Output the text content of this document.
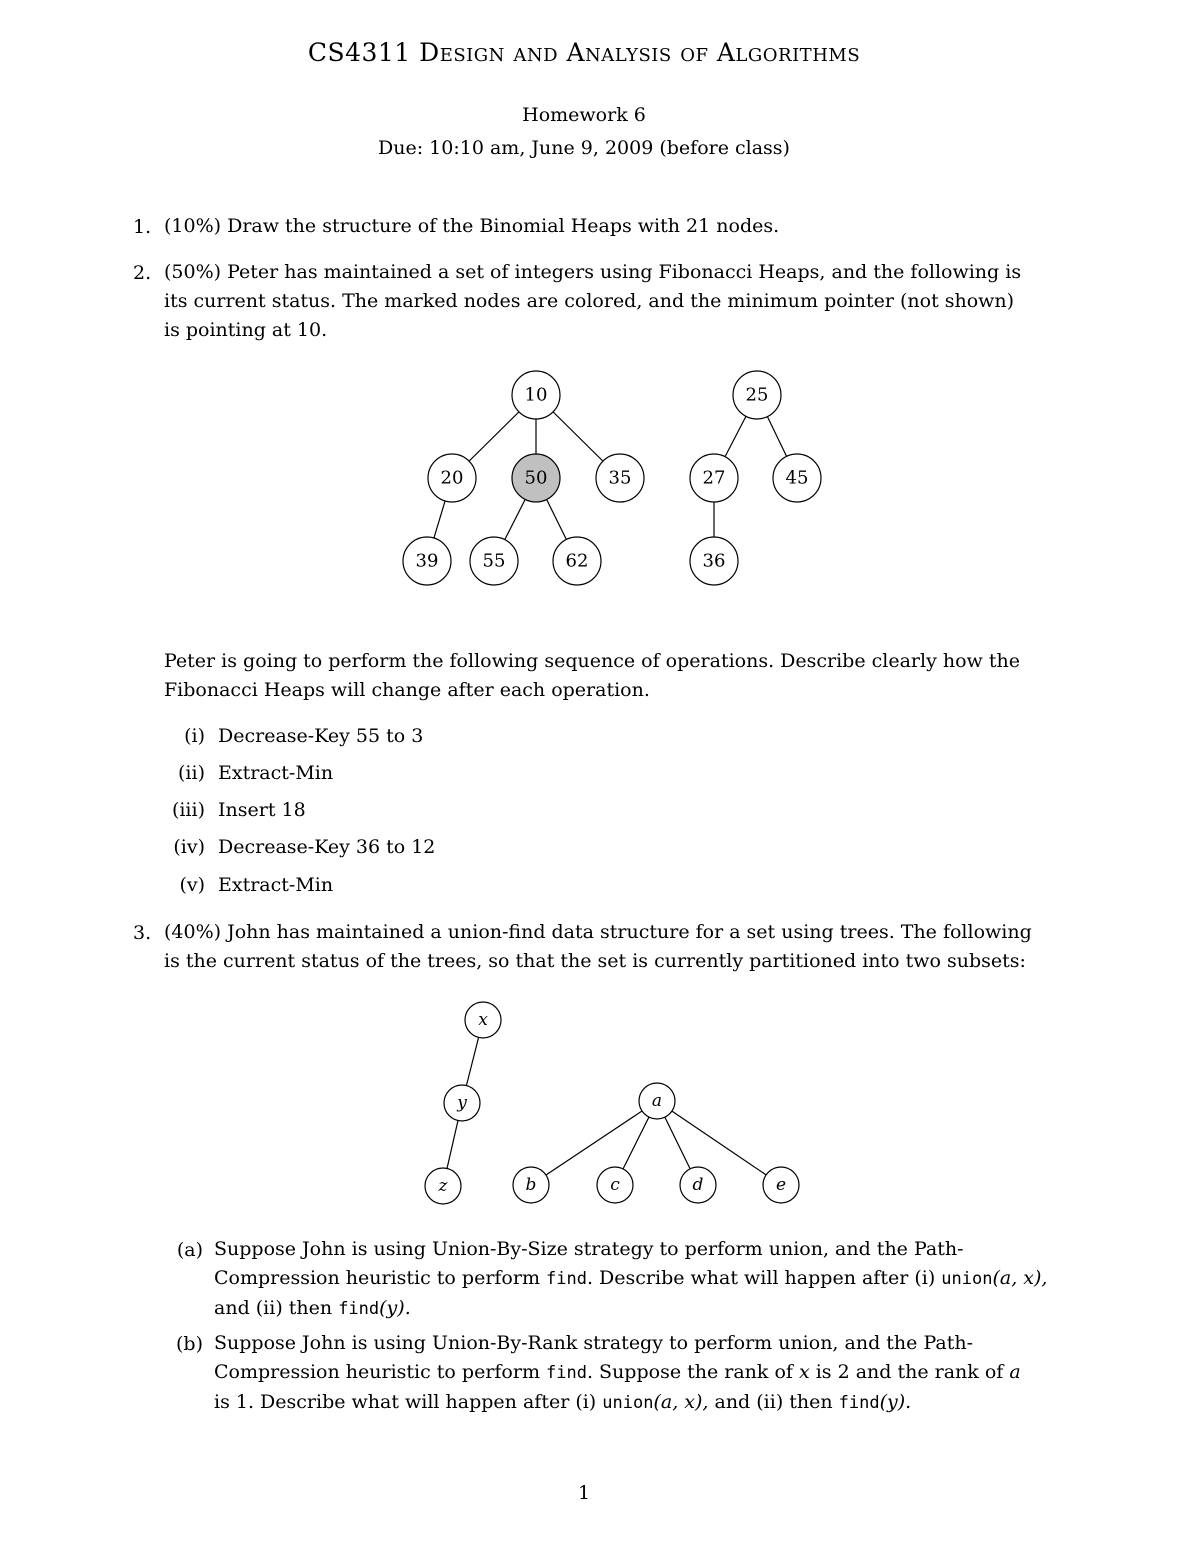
CS4311 Design and Analysis of Algorithms
Homework 6
Due: 10:10 am, June 9, 2009 (before class)
1. (10%) Draw the structure of the Binomial Heaps with 21 nodes.
2. (50%) Peter has maintained a set of integers using Fibonacci Heaps, and the following is
its current status. The marked nodes are colored, and the minimum pointer (not shown)
is pointing at 10.
10
20	50	35
39 55	62
25
27	45
36
Peter is going to perform the following sequence of operations. Describe clearly how the
Fibonacci Heaps will change after each operation.
(i) Decrease-Key 55 to 3
(ii) Extract-Min
(iii) Insert 18
(iv) Decrease-Key 36 to 12
(v) Extract-Min
3. (40%) John has maintained a union-find data structure for a set using trees. The following
is the current status of the trees, so that the set is currently partitioned into two subsets:
x
y
z
a
b	c	d	e
(a) Suppose John is using Union-By-Size strategy to perform union, and the Path-
Compression heuristic to perform find. Describe what will happen after (i) union(a, x),
and (ii) then find(y).
(b) Suppose John is using Union-By-Rank strategy to perform union, and the Path-
Compression heuristic to perform find. Suppose the rank of x is 2 and the rank of a
is 1. Describe what will happen after (i) union(a, x), and (ii) then find(y).
1
